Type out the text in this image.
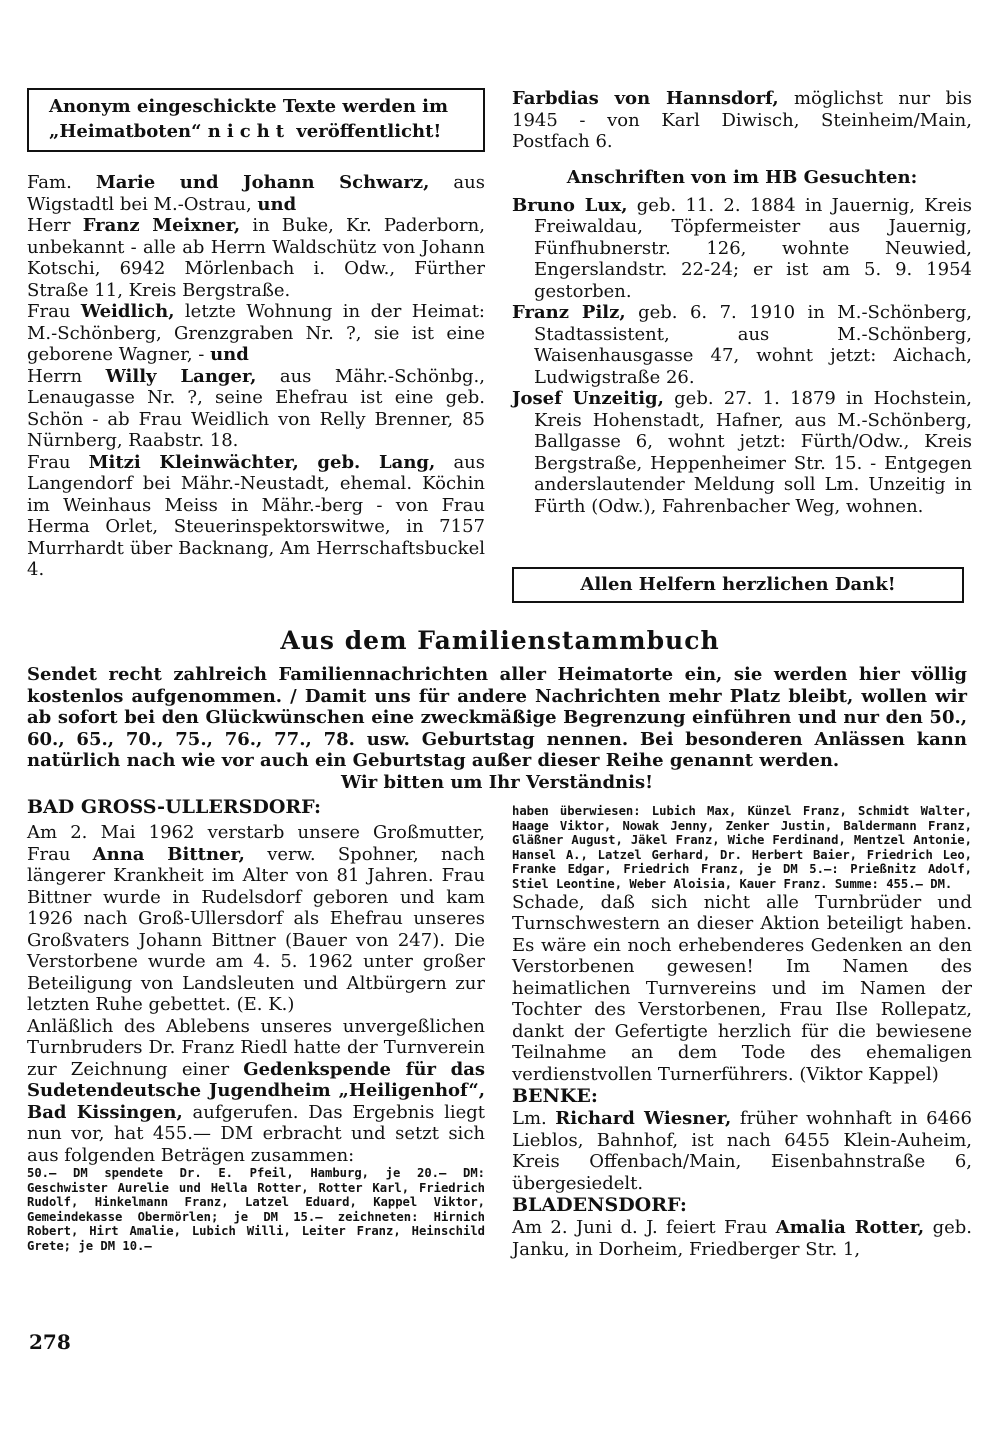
Anonym eingeschickte Texte werden im
„Heimatboten“ nicht veröffentlicht!

Fam. Marie und Johann Schwarz, aus Wigstadtl bei M.-Ostrau, und

Herr Franz Meixner, in Buke, Kr. Paderborn, unbekannt - alle ab Herrn Waldschütz von Johann Kotschi, 6942 Mörlenbach i. Odw., Fürther Straße 11, Kreis Bergstraße.

Frau Weidlich, letzte Wohnung in der Heimat: M.-Schönberg, Grenzgraben Nr. ?, sie ist eine geborene Wagner, - und

Herrn Willy Langer, aus Mähr.-Schönbg., Lenaugasse Nr. ?, seine Ehefrau ist eine geb. Schön - ab Frau Weidlich von Relly Brenner, 85 Nürnberg, Raabstr. 18.

Frau Mitzi Kleinwächter, geb. Lang, aus Langendorf bei Mähr.-Neustadt, ehemal. Köchin im Weinhaus Meiss in Mähr.-berg - von Frau Herma Orlet, Steuerinspektorswitwe, in 7157 Murrhardt über Backnang, Am Herrschaftsbuckel 4.

Farbdias von Hannsdorf, möglichst nur bis 1945 - von Karl Diwisch, Steinheim/Main, Postfach 6.

Anschriften von im HB Gesuchten:

Bruno Lux, geb. 11. 2. 1884 in Jauernig, Kreis Freiwaldau, Töpfermeister aus Jauernig, Fünfhubnerstr. 126, wohnte Neuwied, Engerslandstr. 22-24; er ist am 5. 9. 1954 gestorben.

Franz Pilz, geb. 6. 7. 1910 in M.-Schönberg, Stadtassistent, aus M.-Schönberg, Waisenhausgasse 47, wohnt jetzt: Aichach, Ludwigstraße 26.

Josef Unzeitig, geb. 27. 1. 1879 in Hochstein, Kreis Hohenstadt, Hafner, aus M.-Schönberg, Ballgasse 6, wohnt jetzt: Fürth/Odw., Kreis Bergstraße, Heppenheimer Str. 15. - Entgegen anderslautender Meldung soll Lm. Unzeitig in Fürth (Odw.), Fahrenbacher Weg, wohnen.

Allen Helfern herzlichen Dank!
Aus dem Familienstammbuch
Sendet recht zahlreich Familiennachrichten aller Heimatorte ein, sie werden hier völlig kostenlos aufgenommen. / Damit uns für andere Nachrichten mehr Platz bleibt, wollen wir ab sofort bei den Glückwünschen eine zweckmäßige Begrenzung einführen und nur den 50., 60., 65., 70., 75., 76., 77., 78. usw. Geburtstag nennen. Bei besonderen Anlässen kann natürlich nach wie vor auch ein Geburtstag außer dieser Reihe genannt werden.
Wir bitten um Ihr Verständnis!

BAD GROSS-ULLERSDORF:

Am 2. Mai 1962 verstarb unsere Großmutter, Frau Anna Bittner, verw. Spohner, nach längerer Krankheit im Alter von 81 Jahren. Frau Bittner wurde in Rudelsdorf geboren und kam 1926 nach Groß-Ullersdorf als Ehefrau unseres Großvaters Johann Bittner (Bauer von 247). Die Verstorbene wurde am 4. 5. 1962 unter großer Beteiligung von Landsleuten und Altbürgern zur letzten Ruhe gebettet. (E. K.)

Anläßlich des Ablebens unseres unvergeßlichen Turnbruders Dr. Franz Riedl hatte der Turnverein zur Zeichnung einer Gedenkspende für das Sudetendeutsche Jugendheim „Heiligenhof“, Bad Kissingen, aufgerufen. Das Ergebnis liegt nun vor, hat 455.— DM erbracht und setzt sich aus folgenden Beträgen zusammen:

50.— DM spendete Dr. E. Pfeil, Hamburg, je 20.— DM: Geschwister Aurelie und Hella Rotter, Rotter Karl, Friedrich Rudolf, Hinkelmann Franz, Latzel Eduard, Kappel Viktor, Gemeindekasse Obermörlen; je DM 15.— zeichneten: Hirnich Robert, Hirt Amalie, Lubich Willi, Leiter Franz, Heinschild Grete; je DM 10.—

haben überwiesen: Lubich Max, Künzel Franz, Schmidt Walter, Haage Viktor, Nowak Jenny, Zenker Justin, Baldermann Franz, Gläßner August, Jäkel Franz, Wiche Ferdinand, Mentzel Antonie, Hansel A., Latzel Gerhard, Dr. Herbert Baier, Friedrich Leo, Franke Edgar, Friedrich Franz, je DM 5.—: Prießnitz Adolf, Stiel Leontine, Weber Aloisia, Kauer Franz. Summe: 455.— DM.

Schade, daß sich nicht alle Turnbrüder und Turnschwestern an dieser Aktion beteiligt haben. Es wäre ein noch erhebenderes Gedenken an den Verstorbenen gewesen! Im Namen des heimatlichen Turnvereins und im Namen der Tochter des Verstorbenen, Frau Ilse Rollepatz, dankt der Gefertigte herzlich für die bewiesene Teilnahme an dem Tode des ehemaligen verdienstvollen Turnerführers. (Viktor Kappel)

BENKE:

Lm. Richard Wiesner, früher wohnhaft in 6466 Lieblos, Bahnhof, ist nach 6455 Klein-Auheim, Kreis Offenbach/Main, Eisenbahnstraße 6, übergesiedelt.

BLADENSDORF:

Am 2. Juni d. J. feiert Frau Amalia Rotter, geb. Janku, in Dorheim, Friedberger Str. 1,

278
